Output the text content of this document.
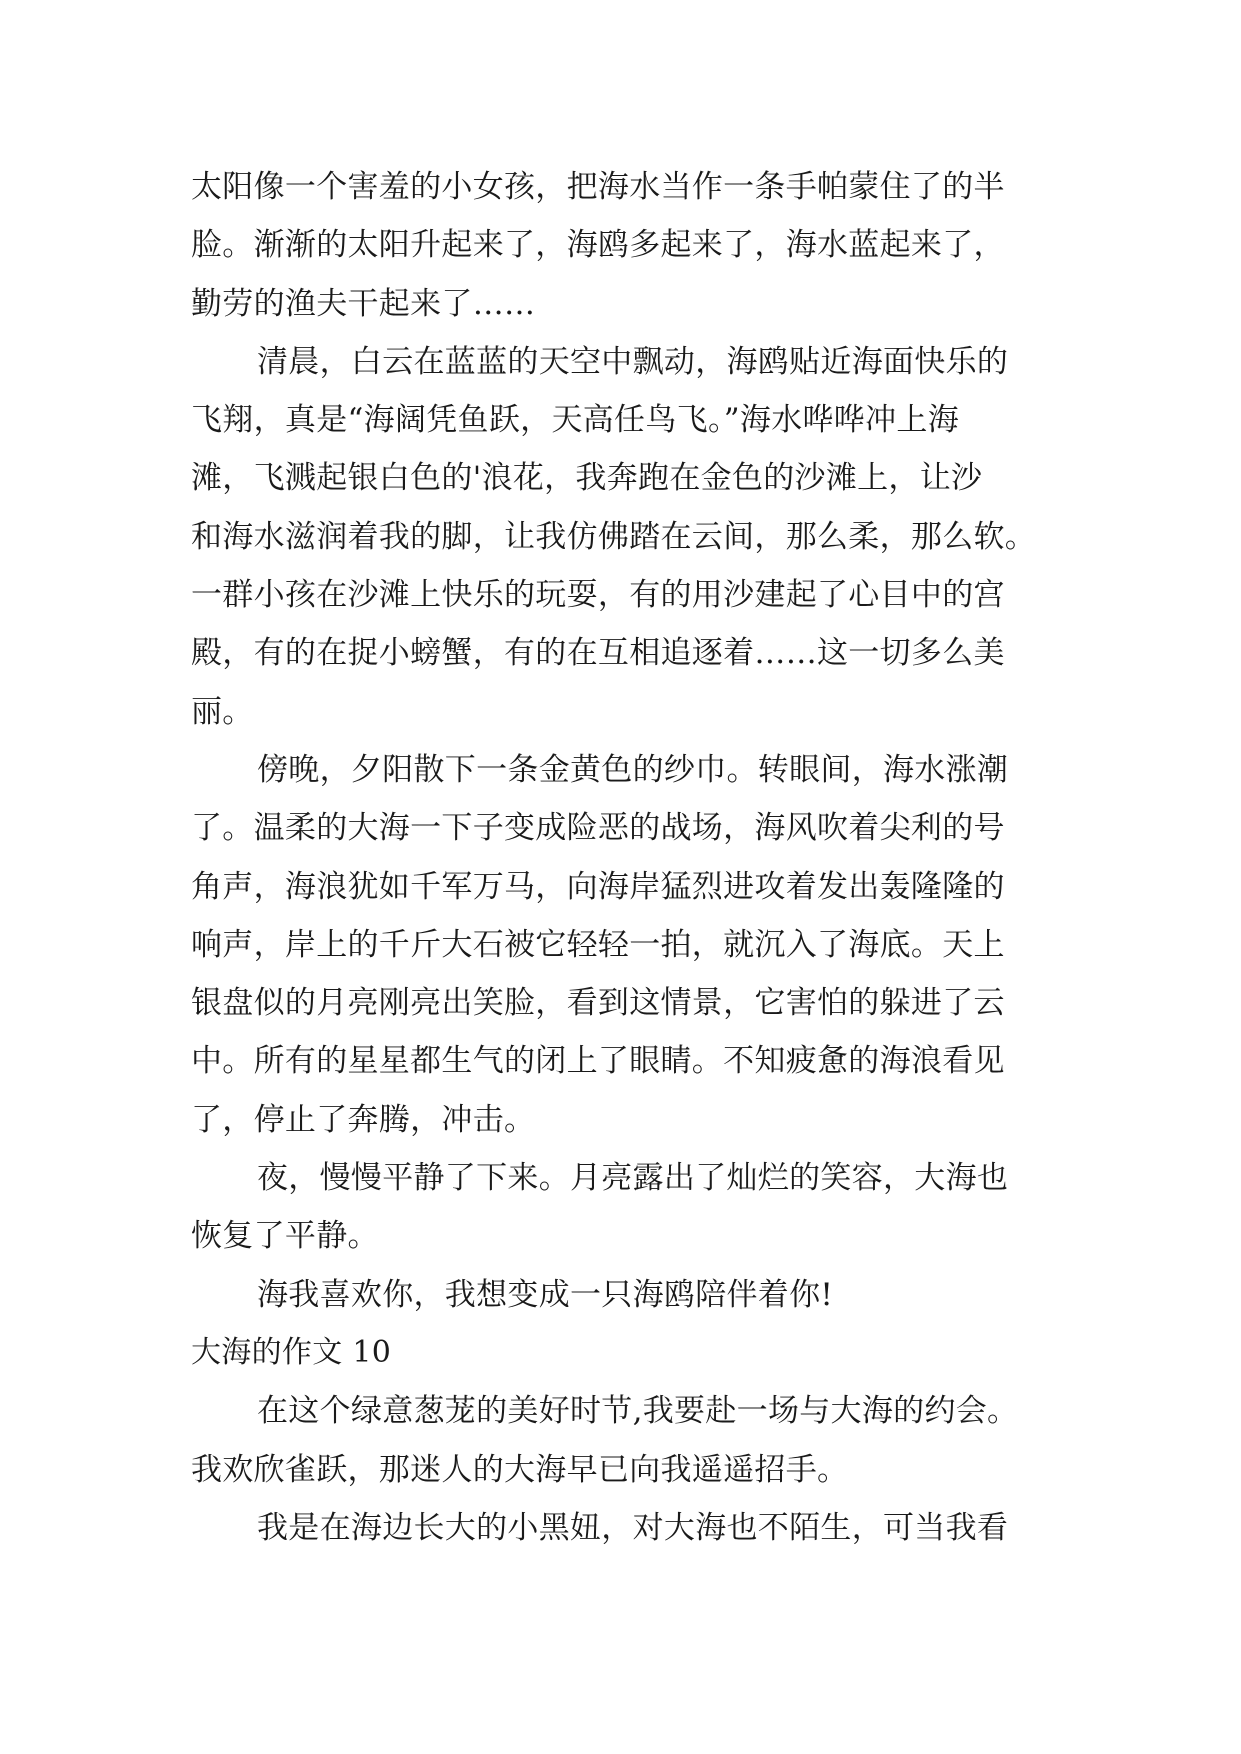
太阳像一个害羞的小女孩，把海水当作一条手帕蒙住了的半
脸。渐渐的太阳升起来了，海鸥多起来了，海水蓝起来了，
勤劳的渔夫干起来了……
清晨，白云在蓝蓝的天空中飘动，海鸥贴近海面快乐的
飞翔，真是“海阔凭鱼跃，天高任鸟飞。”海水哗哗冲上海
滩，飞溅起银白色的'浪花，我奔跑在金色的沙滩上，让沙
和海水滋润着我的脚，让我仿佛踏在云间，那么柔，那么软。
一群小孩在沙滩上快乐的玩耍，有的用沙建起了心目中的宫
殿，有的在捉小螃蟹，有的在互相追逐着……这一切多么美
丽。
傍晚，夕阳散下一条金黄色的纱巾。转眼间，海水涨潮
了。温柔的大海一下子变成险恶的战场，海风吹着尖利的号
角声，海浪犹如千军万马，向海岸猛烈进攻着发出轰隆隆的
响声，岸上的千斤大石被它轻轻一拍，就沉入了海底。天上
银盘似的月亮刚亮出笑脸，看到这情景，它害怕的躲进了云
中。所有的星星都生气的闭上了眼睛。不知疲惫的海浪看见
了，停止了奔腾，冲击。
夜，慢慢平静了下来。月亮露出了灿烂的笑容，大海也
恢复了平静。
海我喜欢你，我想变成一只海鸥陪伴着你!
大海的作文 10
在这个绿意葱茏的美好时节,我要赴一场与大海的约会。
我欢欣雀跃，那迷人的大海早已向我遥遥招手。
我是在海边长大的小黑妞，对大海也不陌生，可当我看
